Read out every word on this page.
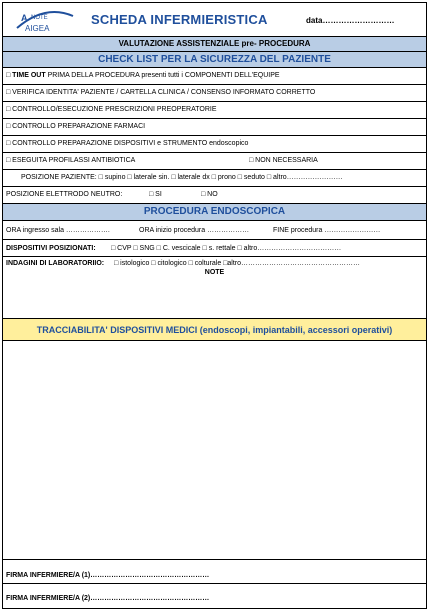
A NOTE
AIGEA
SCHEDA INFERMIERISTICA	data………………………
VALUTAZIONE ASSISTENZIALE pre- PROCEDURA
CHECK LIST PER LA SICUREZZA DEL PAZIENTE
□ TIME OUT PRIMA DELLA PROCEDURA presenti tutti i COMPONENTI DELL'EQUIPE
□ VERIFICA IDENTITA' PAZIENTE / CARTELLA CLINICA / CONSENSO INFORMATO CORRETTO
□ CONTROLLO/ESECUZIONE PRESCRIZIONI PREOPERATORIE
□ CONTROLLO PREPARAZIONE FARMACI
□ CONTROLLO PREPARAZIONE DISPOSITIVI e STRUMENTO endoscopico
□ ESEGUITA PROFILASSI ANTIBIOTICA	□ NON NECESSARIA
POSIZIONE PAZIENTE: □ supino □ laterale sin. □ laterale dx □ prono □ seduto □ altro……………………
POSIZIONE ELETTRODO NEUTRO:	□ SI	□ NO
PROCEDURA ENDOSCOPICA
ORA ingresso sala ……………….	ORA inizio procedura ………………	FINE procedura ……………………
DISPOSITIVI POSIZIONATI: □ CVP □ SNG □ C. vescicale □ s. rettale □ altro………………………………
INDAGINI DI LABORATORIIO: □ istologico □ citologico □ colturale □altro……………………………………………
NOTE
TRACCIABILITA' DISPOSITIVI MEDICI (endoscopi, impiantabili, accessori operativi)
FIRMA INFERMIERE/A (1)……………………………………………
FIRMA INFERMIERE/A (2)……………………………………………
